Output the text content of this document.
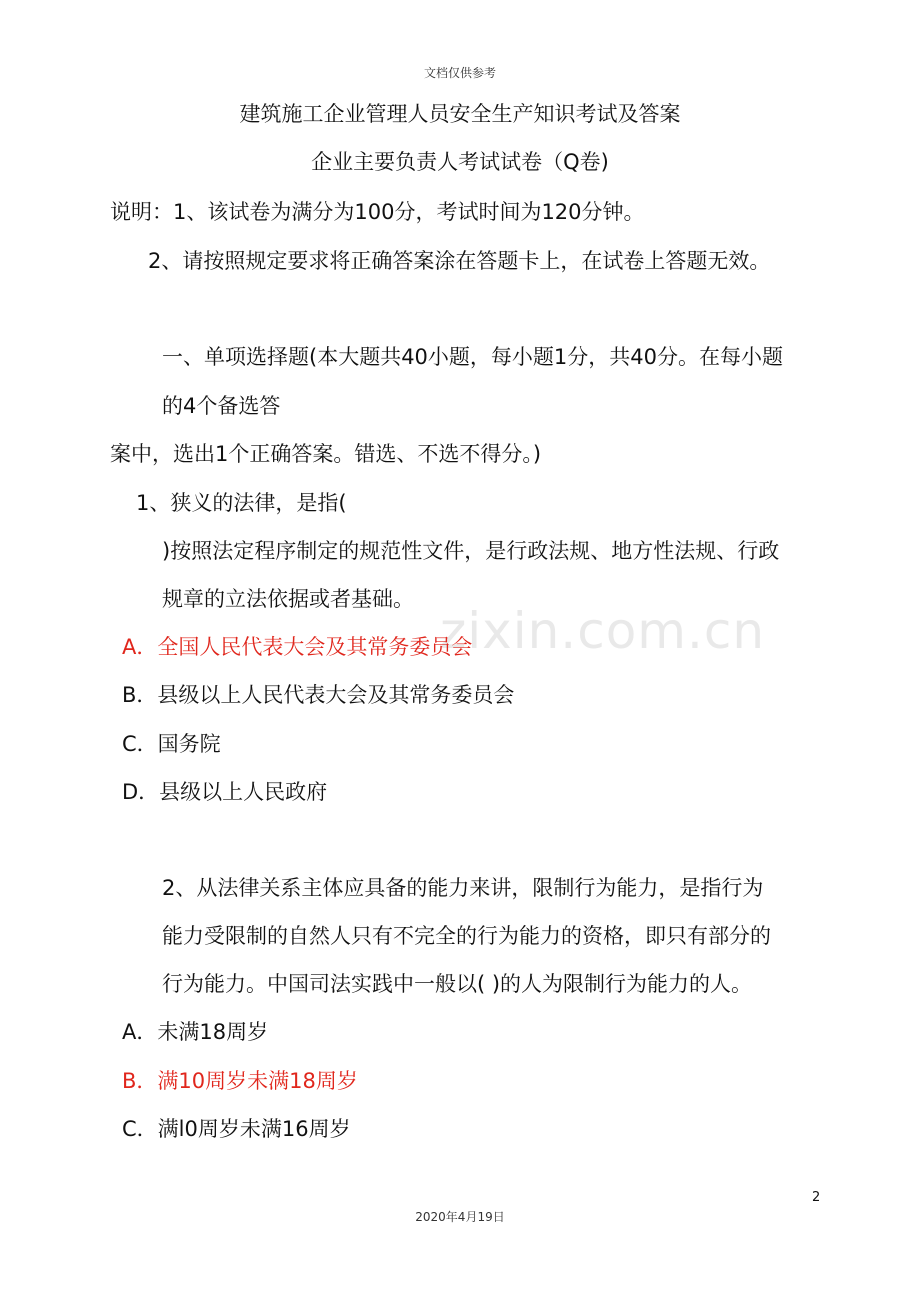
文档仅供参考
建筑施工企业管理人员安全生产知识考试及答案
企业主要负责人考试试卷（Q卷)
说明：1、该试卷为满分为100分，考试时间为120分钟。
2、请按照规定要求将正确答案涂在答题卡上，在试卷上答题无效。
一、单项选择题(本大题共40小题，每小题1分，共40分。在每小题
的4个备选答
案中，选出1个正确答案。错选、不选不得分。)
1、狭义的法律，是指(
)按照法定程序制定的规范性文件，是行政法规、地方性法规、行政
规章的立法依据或者基础。
zixin.com.cn
A．全国人民代表大会及其常务委员会
B．县级以上人民代表大会及其常务委员会
C．国务院
D．县级以上人民政府
2、从法律关系主体应具备的能力来讲，限制行为能力，是指行为
能力受限制的自然人只有不完全的行为能力的资格，即只有部分的
行为能力。中国司法实践中一般以( )的人为限制行为能力的人。
A．未满18周岁
B．满10周岁未满18周岁
C．满l0周岁未满16周岁
2
2020年4月19日
